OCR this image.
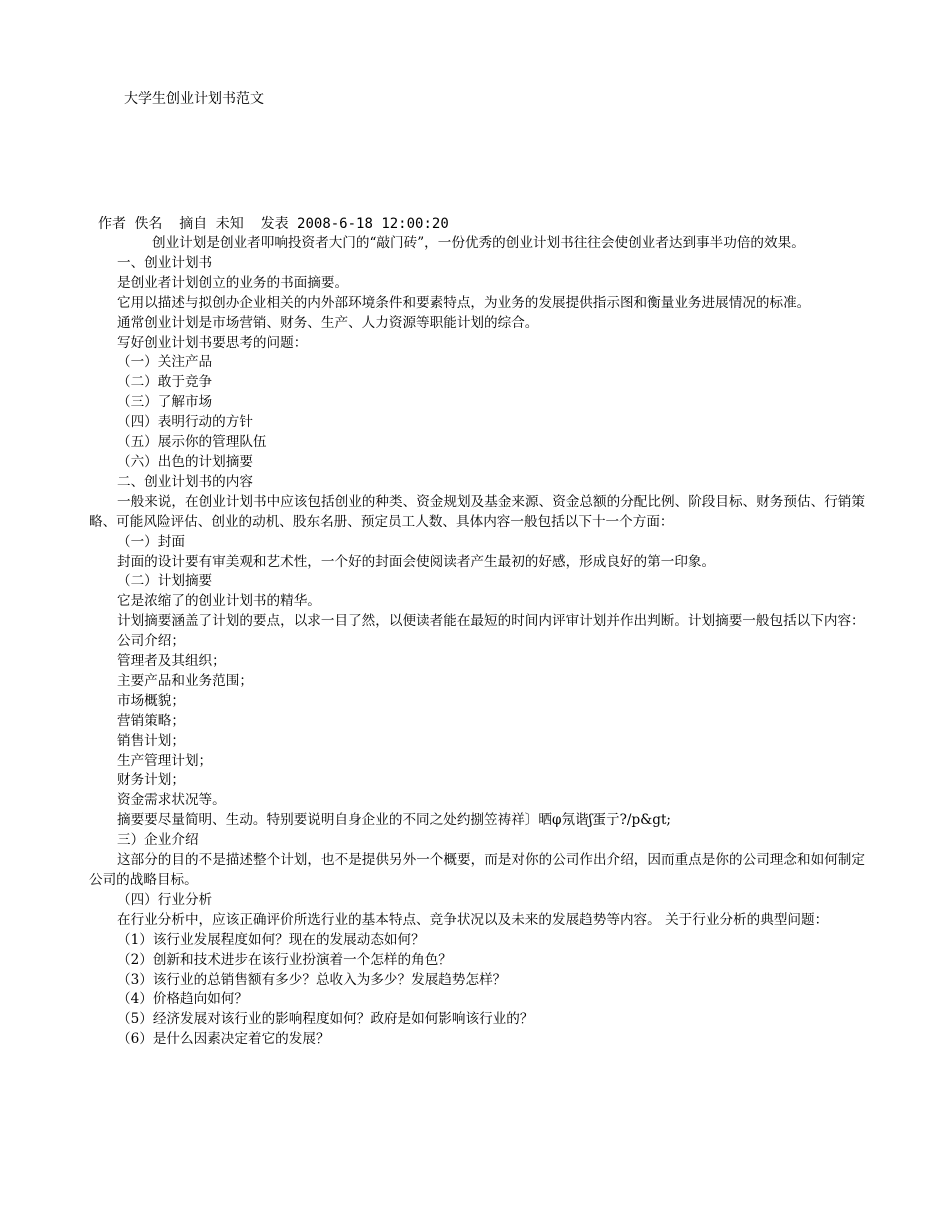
大学生创业计划书范文
作者 佚名 摘自 未知 发表 2008-6-18 12:00:20

创业计划是创业者叩响投资者大门的“敲门砖”，一份优秀的创业计划书往往会使创业者达到事半功倍的效果。

一、创业计划书

是创业者计划创立的业务的书面摘要。

它用以描述与拟创办企业相关的内外部环境条件和要素特点，为业务的发展提供指示图和衡量业务进展情况的标准。

通常创业计划是市场营销、财务、生产、人力资源等职能计划的综合。

写好创业计划书要思考的问题：

（一）关注产品

（二）敢于竞争

（三）了解市场

（四）表明行动的方针

（五）展示你的管理队伍

（六）出色的计划摘要

二、创业计划书的内容

一般来说，在创业计划书中应该包括创业的种类、资金规划及基金来源、资金总额的分配比例、阶段目标、财务预估、行销策略、可能风险评估、创业的动机、股东名册、预定员工人数、具体内容一般包括以下十一个方面：

（一）封面

封面的设计要有审美观和艺术性，一个好的封面会使阅读者产生最初的好感，形成良好的第一印象。

（二）计划摘要

它是浓缩了的创业计划书的精华。

计划摘要涵盖了计划的要点，以求一目了然，以便读者能在最短的时间内评审计划并作出判断。计划摘要一般包括以下内容：

公司介绍；

管理者及其组织；

主要产品和业务范围；

市场概貌；

营销策略；

销售计划；

生产管理计划；

财务计划；

资金需求状况等。

摘要要尽量简明、生动。特别要说明自身企业的不同之处约捌笠祷祥〕晒φ氖谐ʃ蛋亍?/p&gt;

三）企业介绍

这部分的目的不是描述整个计划，也不是提供另外一个概要，而是对你的公司作出介绍，因而重点是你的公司理念和如何制定公司的战略目标。

（四）行业分析

在行业分析中，应该正确评价所选行业的基本特点、竞争状况以及未来的发展趋势等内容。 关于行业分析的典型问题：

（1）该行业发展程度如何？现在的发展动态如何？

（2）创新和技术进步在该行业扮演着一个怎样的角色？

（3）该行业的总销售额有多少？总收入为多少？发展趋势怎样？

（4）价格趋向如何？

（5）经济发展对该行业的影响程度如何？政府是如何影响该行业的？

（6）是什么因素决定着它的发展？
